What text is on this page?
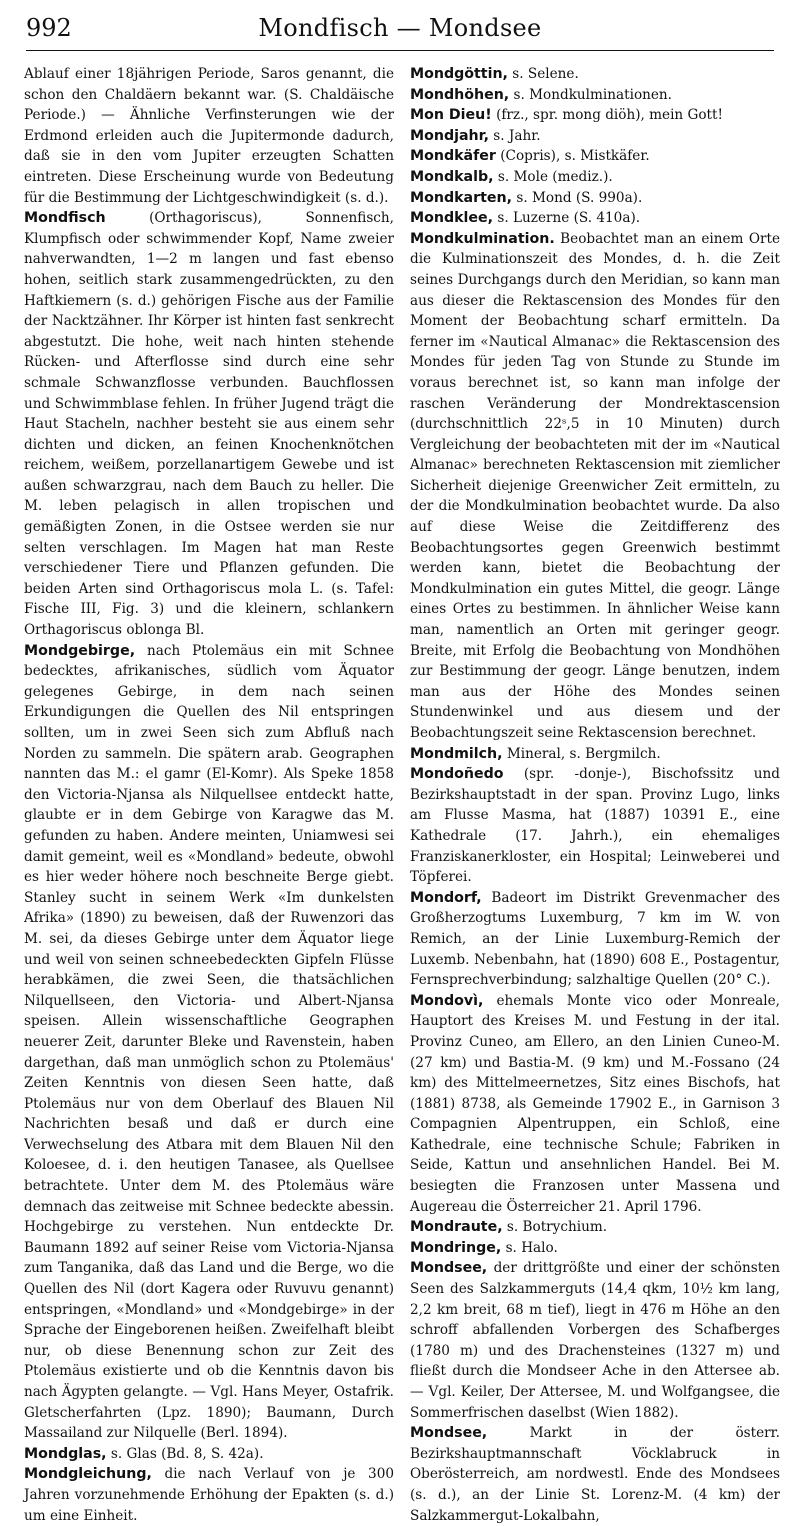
992	Mondfisch — Mondsee

Ablauf einer 18jährigen Periode, Saros genannt, die schon den Chaldäern bekannt war. (S. Chaldäische Periode.) — Ähnliche Verfinsterungen wie der Erdmond erleiden auch die Jupitermonde dadurch, daß sie in den vom Jupiter erzeugten Schatten eintreten. Diese Erscheinung wurde von Bedeutung für die Bestimmung der Lichtgeschwindigkeit (s. d.).

Mondfisch	(Orthagoriscus), Sonnenfisch, Klumpfisch oder schwimmender Kopf, Name zweier nahverwandten, 1—2 m langen und fast ebenso hohen, seitlich stark zusammengedrückten, zu den Haftkiemern (s. d.) gehörigen Fische aus der Familie der Nacktzähner. Ihr Körper ist hinten fast senkrecht abgestutzt. Die hohe, weit nach hinten stehende Rücken- und Afterflosse sind durch eine sehr schmale Schwanzflosse verbunden. Bauchflossen und Schwimmblase fehlen. In früher Jugend trägt die Haut Stacheln, nachher besteht sie aus einem sehr dichten und dicken, an feinen Knochenknötchen reichem, weißem, porzellanartigem Gewebe und ist außen schwarzgrau, nach dem Bauch zu heller. Die M. leben pelagisch in allen tropischen und gemäßigten Zonen, in die Ostsee werden sie nur selten verschlagen. Im Magen hat man Reste verschiedener Tiere und Pflanzen gefunden. Die beiden Arten sind Orthagoriscus mola L. (s. Tafel: Fische III, Fig. 3) und die kleinern, schlankern Orthagoriscus oblonga Bl.

Mondgebirge, nach Ptolemäus ein mit Schnee bedecktes, afrikanisches, südlich vom Äquator gelegenes Gebirge, in dem nach seinen Erkundigungen die Quellen des Nil entspringen sollten, um in zwei Seen sich zum Abfluß nach Norden zu sammeln. Die spätern arab. Geographen nannten das M.: el gamr (El-Komr). Als Speke 1858 den Victoria-Njansa als Nilquellsee entdeckt hatte, glaubte er in dem Gebirge von Karagwe das M. gefunden zu haben. Andere meinten, Uniamwesi sei damit gemeint, weil es «Mondland» bedeute, obwohl es hier weder höhere noch beschneite Berge giebt. Stanley sucht in seinem Werk «Im dunkelsten Afrika» (1890) zu beweisen, daß der Ruwenzori das M. sei, da dieses Gebirge unter dem Äquator liege und weil von seinen schneebedeckten Gipfeln Flüsse herabkämen, die zwei Seen, die thatsächlichen Nilquellseen, den Victoria- und Albert-Njansa speisen. Allein wissenschaftliche Geographen neuerer Zeit, darunter Bleke und Ravenstein, haben dargethan, daß man unmöglich schon zu Ptolemäus' Zeiten Kenntnis von diesen Seen hatte, daß Ptolemäus nur von dem Oberlauf des Blauen Nil Nachrichten besaß und daß er durch eine Verwechselung des Atbara mit dem Blauen Nil den Koloesee, d. i. den heutigen Tanasee, als Quellsee betrachtete. Unter dem M. des Ptolemäus wäre demnach das zeitweise mit Schnee bedeckte abessin. Hochgebirge zu verstehen. Nun entdeckte Dr. Baumann 1892 auf seiner Reise vom Victoria-Njansa zum Tanganika, daß das Land und die Berge, wo die Quellen des Nil (dort Kagera oder Ruvuvu genannt) entspringen, «Mondland» und «Mondgebirge» in der Sprache der Eingeborenen heißen. Zweifelhaft bleibt nur, ob diese Benennung schon zur Zeit des Ptolemäus existierte und ob die Kenntnis davon bis nach Ägypten gelangte. — Vgl. Hans Meyer, Ostafrik. Gletscherfahrten (Lpz. 1890); Baumann, Durch Massailand zur Nilquelle (Berl. 1894).

Mondglas, s. Glas (Bd. 8, S. 42a).

Mondgleichung, die nach Verlauf von je 300 Jahren vorzunehmende Erhöhung der Epakten (s. d.) um eine Einheit.

Mondgöttin, s. Selene.

Mondhöhen, s. Mondkulminationen.

Mon Dieu! (frz., spr. mong diöh), mein Gott!

Mondjahr, s. Jahr.

Mondkäfer (Copris), s. Mistkäfer.

Mondkalb, s. Mole (mediz.).

Mondkarten, s. Mond (S. 990a).

Mondklee, s. Luzerne (S. 410a).

Mondkulmination. Beobachtet man an einem Orte die Kulminationszeit des Mondes, d. h. die Zeit seines Durchgangs durch den Meridian, so kann man aus dieser die Rektascension des Mondes für den Moment der Beobachtung scharf ermitteln. Da ferner im «Nautical Almanac» die Rektascension des Mondes für jeden Tag von Stunde zu Stunde im voraus berechnet ist, so kann man infolge der raschen Veränderung der Mondrektascension (durchschnittlich 22ˢ,5 in 10 Minuten) durch Vergleichung der beobachteten mit der im «Nautical Almanac» berechneten Rektascension mit ziemlicher Sicherheit diejenige Greenwicher Zeit ermitteln, zu der die Mondkulmination beobachtet wurde. Da also auf diese Weise die Zeitdifferenz des Beobachtungsortes gegen Greenwich bestimmt werden kann, bietet die Beobachtung der Mondkulmination ein gutes Mittel, die geogr. Länge eines Ortes zu bestimmen. In ähnlicher Weise kann man, namentlich an Orten mit geringer geogr. Breite, mit Erfolg die Beobachtung von Mondhöhen zur Bestimmung der geogr. Länge benutzen, indem man aus der Höhe des Mondes seinen Stundenwinkel und aus diesem und der Beobachtungszeit seine Rektascension berechnet.

Mondmilch, Mineral, s. Bergmilch.

Mondoñedo (spr. -donje-), Bischofssitz und Bezirkshauptstadt in der span. Provinz Lugo, links am Flusse Masma, hat (1887) 10391 E., eine Kathedrale (17. Jahrh.), ein ehemaliges Franziskanerkloster, ein Hospital; Leinweberei und Töpferei.

Mondorf, Badeort im Distrikt Grevenmacher des Großherzogtums Luxemburg, 7 km im W. von Remich, an der Linie Luxemburg-Remich der Luxemb. Nebenbahn, hat (1890) 608 E., Postagentur, Fernsprechverbindung; salzhaltige Quellen (20° C.).

Mondovì, ehemals Monte vico oder Monreale, Hauptort des Kreises M. und Festung in der ital. Provinz Cuneo, am Ellero, an den Linien Cuneo-M. (27 km) und Bastia-M. (9 km) und M.-Fossano (24 km) des Mittelmeernetzes, Sitz eines Bischofs, hat (1881) 8738, als Gemeinde 17902 E., in Garnison 3 Compagnien Alpentruppen, ein Schloß, eine Kathedrale, eine technische Schule; Fabriken in Seide, Kattun und ansehnlichen Handel. Bei M. besiegten die Franzosen unter Massena und Augereau die Österreicher 21. April 1796.

Mondraute, s. Botrychium.

Mondringe, s. Halo.

Mondsee, der drittgrößte und einer der schönsten Seen des Salzkammerguts (14,4 qkm, 10½ km lang, 2,2 km breit, 68 m tief), liegt in 476 m Höhe an den schroff abfallenden Vorbergen des Schafberges (1780 m) und des Drachensteines (1327 m) und fließt durch die Mondseer Ache in den Attersee ab. — Vgl. Keiler, Der Attersee, M. und Wolfgangsee, die Sommerfrischen daselbst (Wien 1882).

Mondsee,	Markt in der österr. Bezirkshauptmannschaft Vöcklabruck in Oberösterreich, am nordwestl. Ende des Mondsees (s. d.), an der Linie St. Lorenz-M. (4 km) der Salzkammergut-Lokalbahn,
